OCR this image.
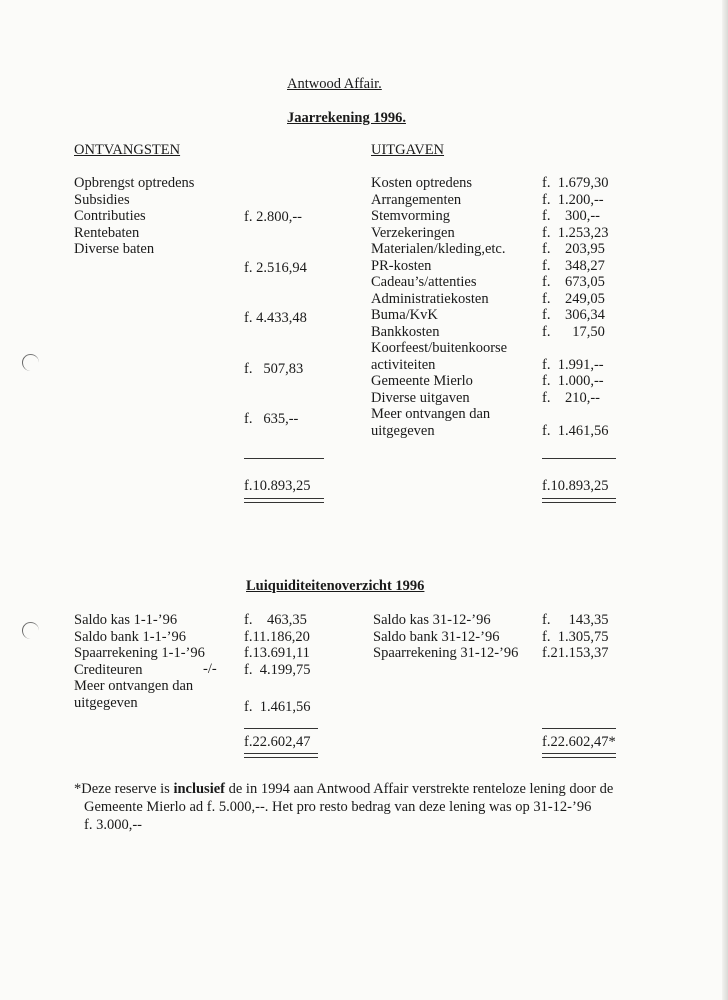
Antwood Affair.
Jaarrekening 1996.
ONTVANGSTEN
Opbrengst optredens
Subsidies
Contributies
Rentebaten
Diverse baten

f. 2.800,--

f. 2.516,94

f. 4.433,48

f.   507,83

f.   635,--

f.10.893,25
UITGAVEN
Kosten optredens
Arrangementen
Stemvorming
Verzekeringen
Materialen/kleding,etc.
PR-kosten
Cadeau’s/attenties
Administratiekosten
Buma/KvK
Bankkosten
Koorfeest/buitenkoorse
activiteiten
Gemeente Mierlo
Diverse uitgaven
Meer ontvangen dan
uitgegeven
f.  1.679,30
f.  1.200,--
f.    300,--
f.  1.253,23
f.    203,95
f.    348,27
f.    673,05
f.    249,05
f.    306,34
f.      17,50
f.  1.991,--
f.  1.000,--
f.    210,--
f.  1.461,56
f.10.893,25
Luiquiditeitenoverzicht 1996
Saldo kas 1-1-’96
Saldo bank 1-1-’96
Spaarrekening 1-1-’96
Crediteuren
Meer ontvangen dan
uitgegeven
-/-
f.    463,35
f.11.186,20
f.13.691,11
f.  4.199,75
f.  1.461,56
f.22.602,47
Saldo kas 31-12-’96
Saldo bank 31-12-’96
Spaarrekening 31-12-’96
f.     143,35
f.  1.305,75
f.21.153,37
f.22.602,47*
*Deze reserve is inclusief de in 1994 aan Antwood Affair verstrekte renteloze lening door de
Gemeente Mierlo ad f. 5.000,--. Het pro resto bedrag van deze lening was op 31-12-’96
f. 3.000,--
